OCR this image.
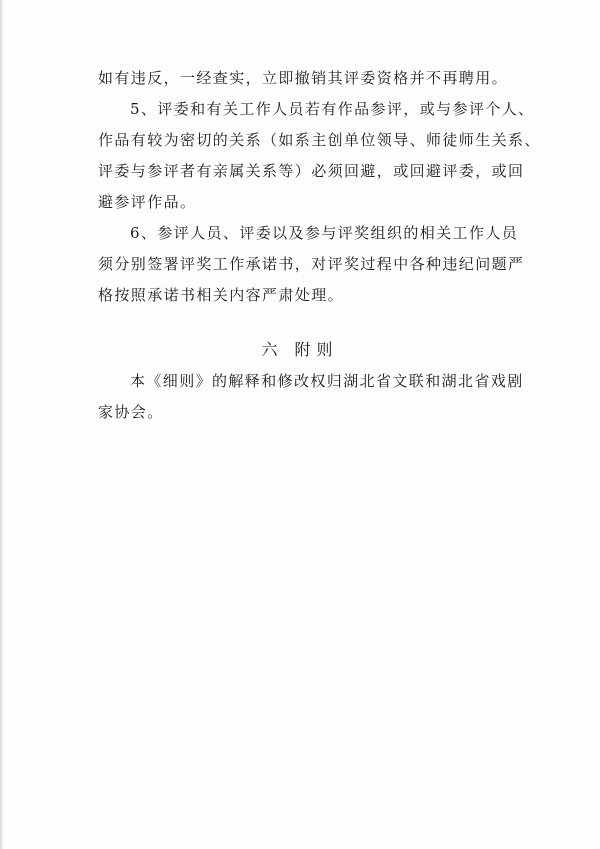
如有违反，一经查实，立即撤销其评委资格并不再聘用。
5、评委和有关工作人员若有作品参评，或与参评个人、
作品有较为密切的关系（如系主创单位领导、师徒师生关系、
评委与参评者有亲属关系等）必须回避，或回避评委，或回
避参评作品。
6、参评人员、评委以及参与评奖组织的相关工作人员
须分别签署评奖工作承诺书，对评奖过程中各种违纪问题严
格按照承诺书相关内容严肃处理。
六 附则
本《细则》的解释和修改权归湖北省文联和湖北省戏剧
家协会。
